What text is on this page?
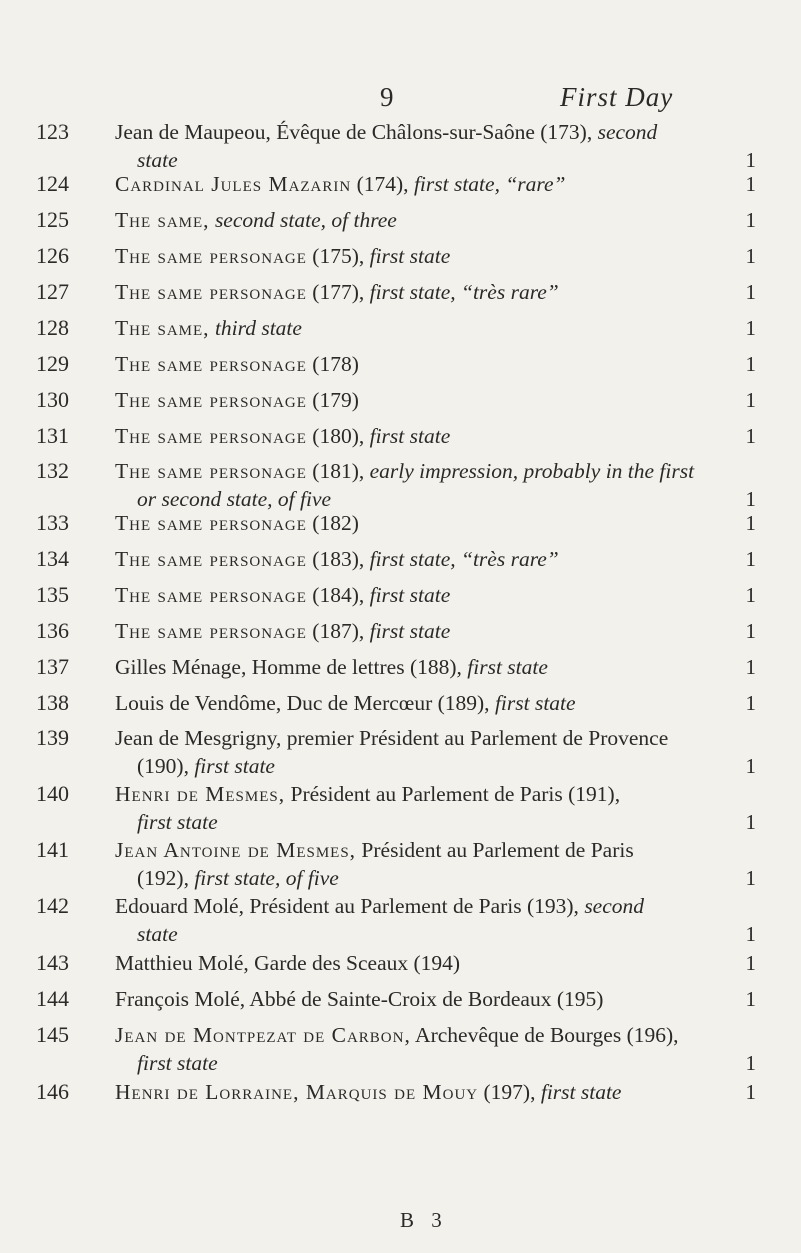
9	First Day
123	Jean de Maupeou, Évêque de Châlons-sur-Saône (173), second
state	1
124	Cardinal Jules Mazarin (174), first state, “rare”	1
125	The same, second state, of three	1
126	The same personage (175), first state	1
127	The same personage (177), first state, “très rare”	1
128	The same, third state	1
129	The same personage (178)	1
130	The same personage (179)	1
131	The same personage (180), first state	1
132	The same personage (181), early impression, probably in the first
or second state, of five	1
133	The same personage (182)	1
134	The same personage (183), first state, “très rare”	1
135	The same personage (184), first state	1
136	The same personage (187), first state	1
137	Gilles Ménage, Homme de lettres (188), first state	1
138	Louis de Vendôme, Duc de Mercœur (189), first state	1
139	Jean de Mesgrigny, premier Président au Parlement de Provence
(190), first state	1
140	Henri de Mesmes, Président au Parlement de Paris (191),
first state	1
141	Jean Antoine de Mesmes, Président au Parlement de Paris
(192), first state, of five	1
142	Edouard Molé, Président au Parlement de Paris (193), second
state	1
143	Matthieu Molé, Garde des Sceaux (194)	1
144	François Molé, Abbé de Sainte-Croix de Bordeaux (195)	1
145	Jean de Montpezat de Carbon, Archevêque de Bourges (196),
first state	1
146	Henri de Lorraine, Marquis de Mouy (197), first state	1
B 3
